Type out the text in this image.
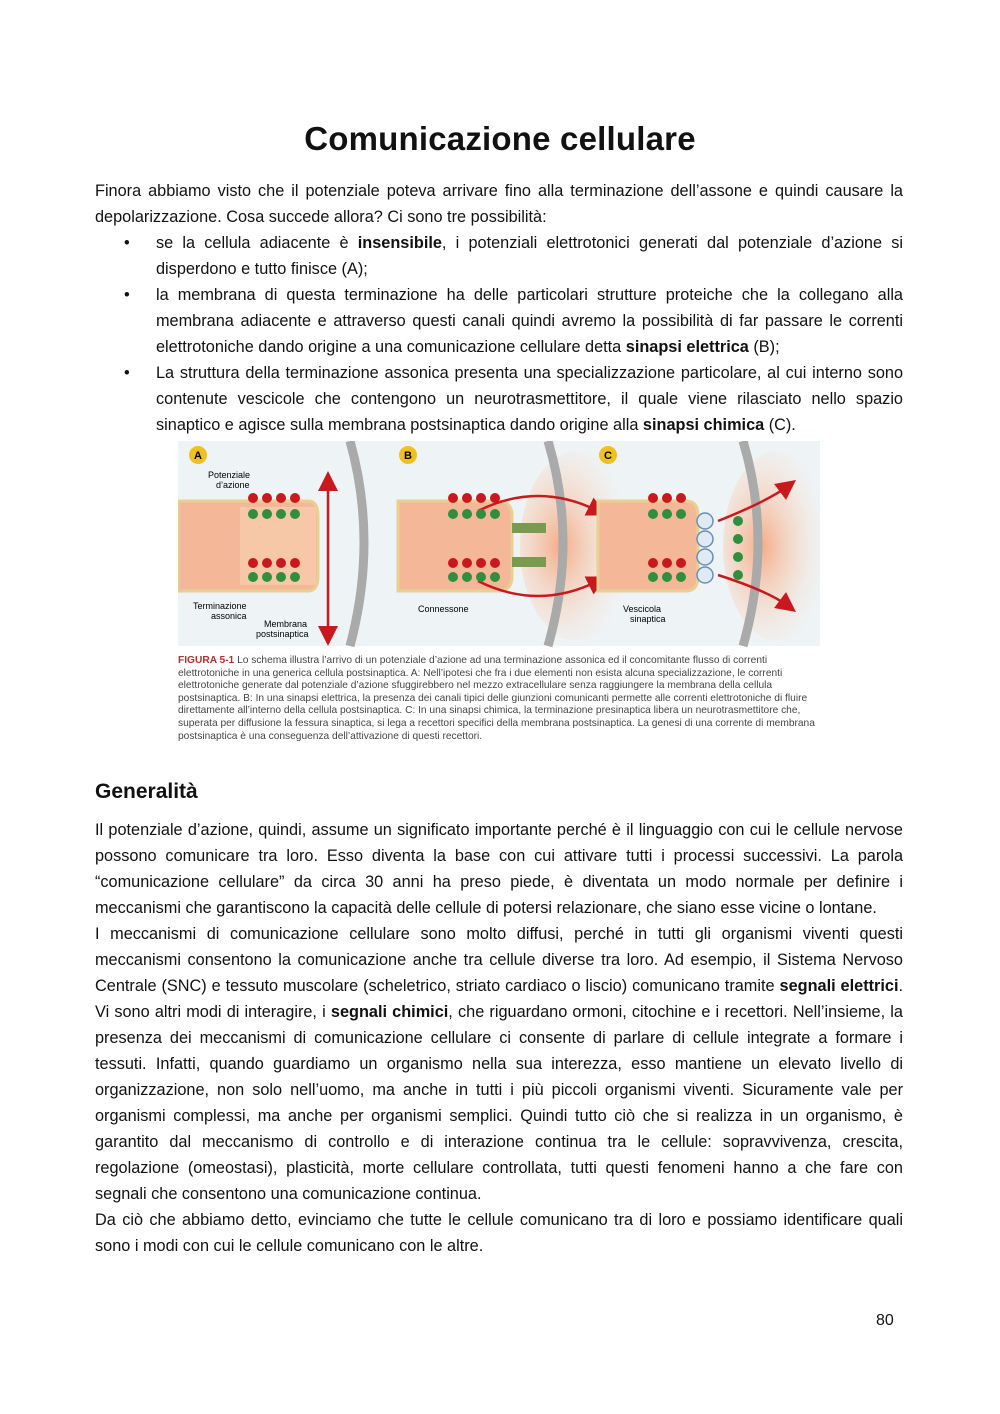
Comunicazione cellulare
Finora abbiamo visto che il potenziale poteva arrivare fino alla terminazione dell’assone e quindi causare la depolarizzazione. Cosa succede allora? Ci sono tre possibilità:
• se la cellula adiacente è insensibile, i potenziali elettrotonici generati dal potenziale d’azione si disperdono e tutto finisce (A);
• la membrana di questa terminazione ha delle particolari strutture proteiche che la collegano alla membrana adiacente e attraverso questi canali quindi avremo la possibilità di far passare le correnti elettrotoniche dando origine a una comunicazione cellulare detta sinapsi elettrica (B);
• La struttura della terminazione assonica presenta una specializzazione particolare, al cui interno sono contenute vescicole che contengono un neurotrasmettitore, il quale viene rilasciato nello spazio sinaptico e agisce sulla membrana postsinaptica dando origine alla sinapsi chimica (C).
A
Potenziale
d’azione
Terminazione
assonica
Membrana
postsinaptica
B
Connessone
C
Vescicola
sinaptica
FIGURA 5-1 Lo schema illustra l’arrivo di un potenziale d’azione ad una terminazione assonica ed il concomitante flusso di correnti elettrotoniche in una generica cellula postsinaptica. A: Nell’ipotesi che fra i due elementi non esista alcuna specializzazione, le correnti elettrotoniche generate dal potenziale d’azione sfuggirebbero nel mezzo extracellulare senza raggiungere la membrana della cellula postsinaptica. B: In una sinapsi elettrica, la presenza dei canali tipici delle giunzioni comunicanti permette alle correnti elettrotoniche di fluire direttamente all’interno della cellula postsinaptica. C: In una sinapsi chimica, la terminazione presinaptica libera un neurotrasmettitore che, superata per diffusione la fessura sinaptica, si lega a recettori specifici della membrana postsinaptica. La genesi di una corrente di membrana postsinaptica è una conseguenza dell’attivazione di questi recettori.
Generalità
Il potenziale d’azione, quindi, assume un significato importante perché è il linguaggio con cui le cellule nervose possono comunicare tra loro. Esso diventa la base con cui attivare tutti i processi successivi. La parola “comunicazione cellulare” da circa 30 anni ha preso piede, è diventata un modo normale per definire i meccanismi che garantiscono la capacità delle cellule di potersi relazionare, che siano esse vicine o lontane.
I meccanismi di comunicazione cellulare sono molto diffusi, perché in tutti gli organismi viventi questi meccanismi consentono la comunicazione anche tra cellule diverse tra loro. Ad esempio, il Sistema Nervoso Centrale (SNC) e tessuto muscolare (scheletrico, striato cardiaco o liscio) comunicano tramite segnali elettrici. Vi sono altri modi di interagire, i segnali chimici, che riguardano ormoni, citochine e i recettori. Nell’insieme, la presenza dei meccanismi di comunicazione cellulare ci consente di parlare di cellule integrate a formare i tessuti. Infatti, quando guardiamo un organismo nella sua interezza, esso mantiene un elevato livello di organizzazione, non solo nell’uomo, ma anche in tutti i più piccoli organismi viventi. Sicuramente vale per organismi complessi, ma anche per organismi semplici. Quindi tutto ciò che si realizza in un organismo, è garantito dal meccanismo di controllo e di interazione continua tra le cellule: sopravvivenza, crescita, regolazione (omeostasi), plasticità, morte cellulare controllata, tutti questi fenomeni hanno a che fare con segnali che consentono una comunicazione continua.
Da ciò che abbiamo detto, evinciamo che tutte le cellule comunicano tra di loro e possiamo identificare quali sono i modi con cui le cellule comunicano con le altre.
80
